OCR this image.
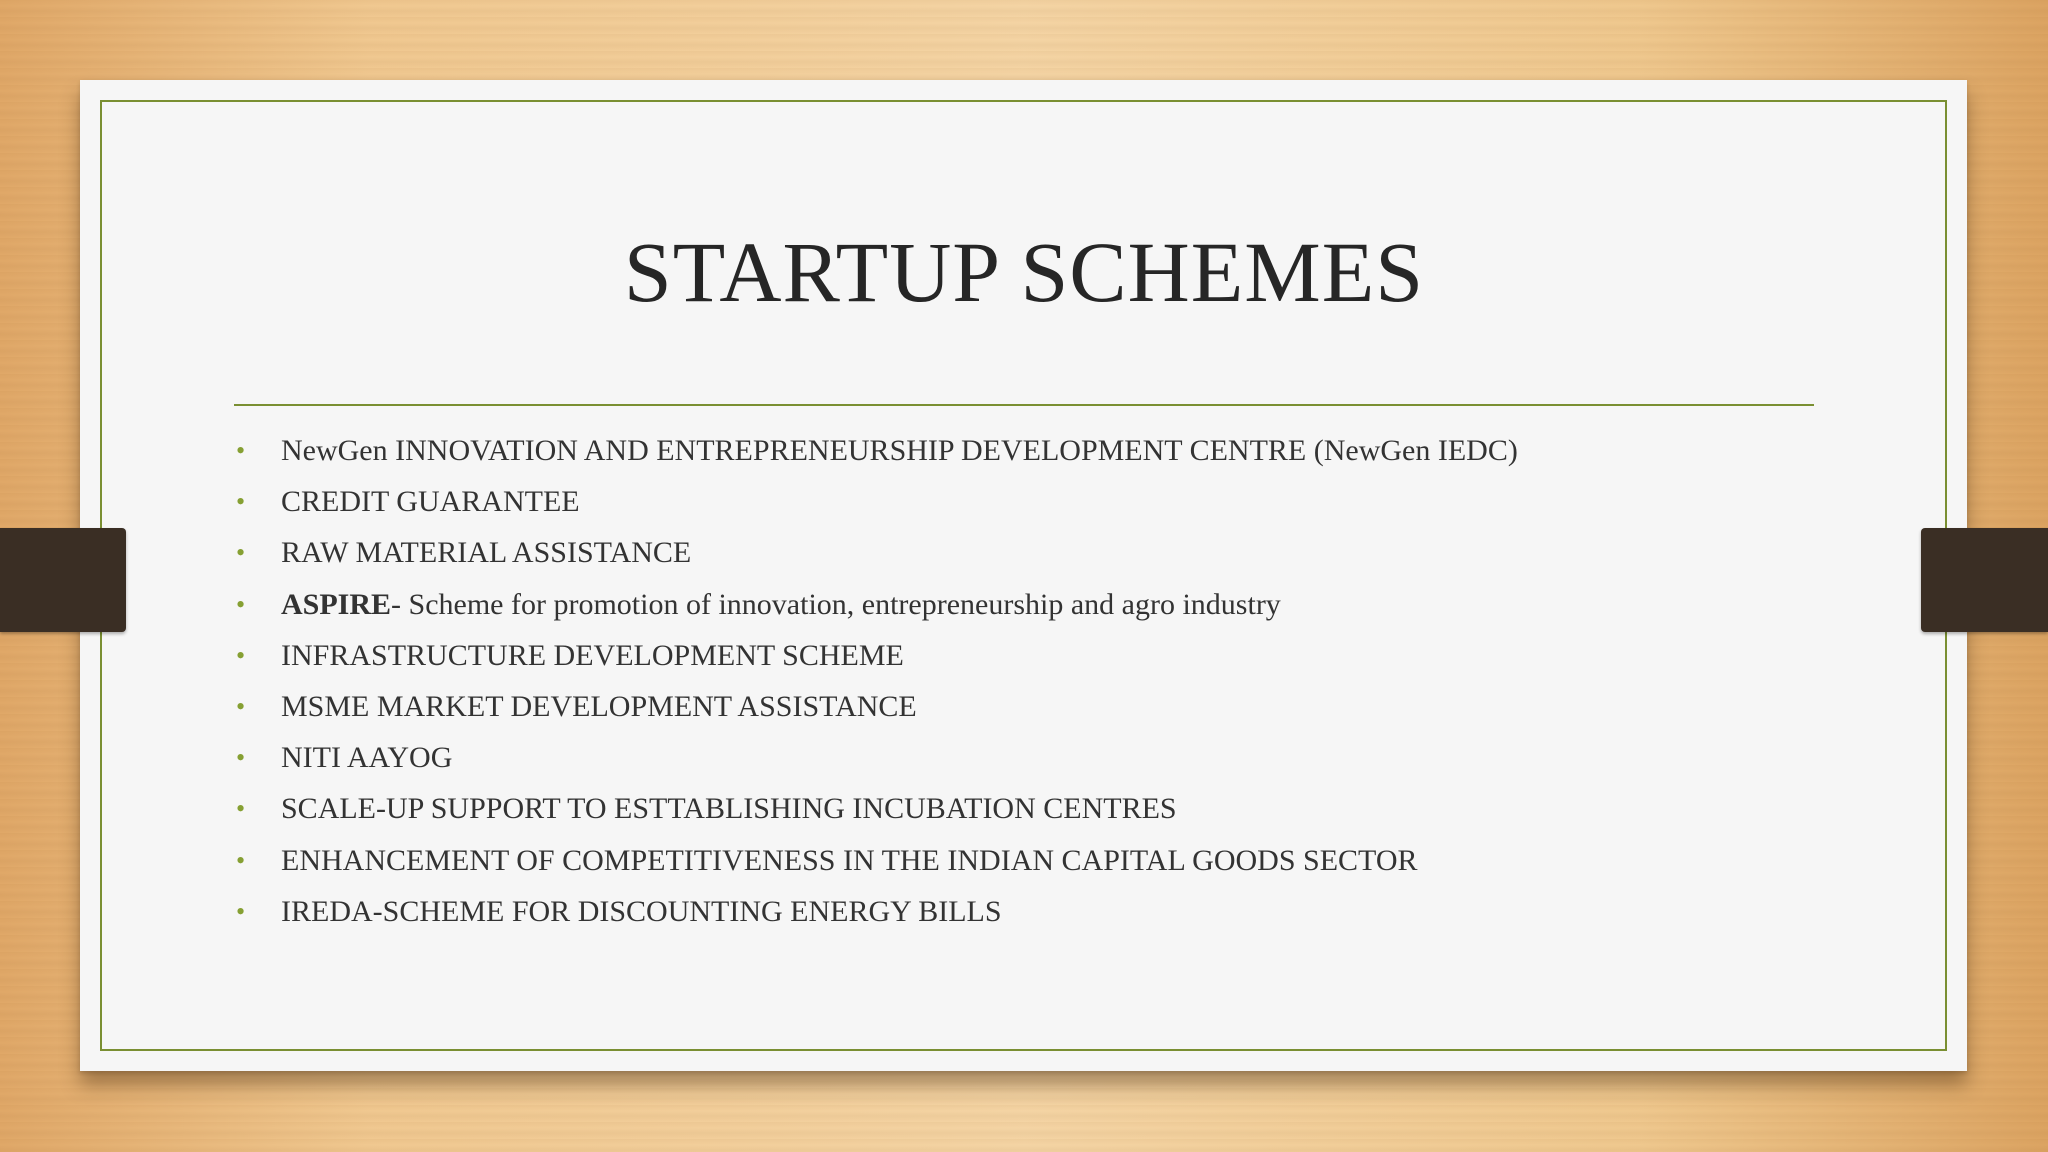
STARTUP SCHEMES
• NewGen INNOVATION AND ENTREPRENEURSHIP DEVELOPMENT CENTRE (NewGen IEDC)
• CREDIT GUARANTEE
• RAW MATERIAL ASSISTANCE
• ASPIRE- Scheme for promotion of innovation, entrepreneurship and agro industry
• INFRASTRUCTURE DEVELOPMENT SCHEME
• MSME MARKET DEVELOPMENT ASSISTANCE
• NITI AAYOG
• SCALE-UP SUPPORT TO ESTTABLISHING INCUBATION CENTRES
• ENHANCEMENT OF COMPETITIVENESS IN THE INDIAN CAPITAL GOODS SECTOR
• IREDA-SCHEME FOR DISCOUNTING ENERGY BILLS
